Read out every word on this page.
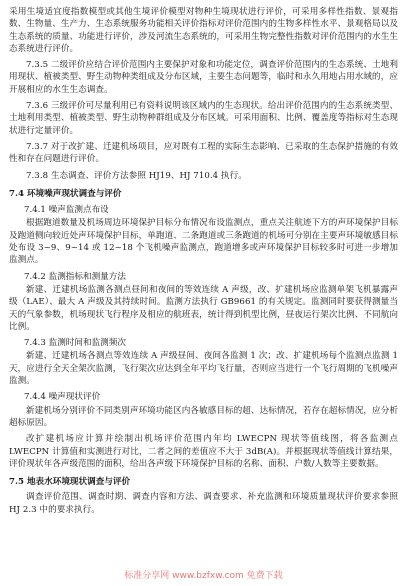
采用生境适宜度指数模型或其他生境评价模型对物种生境现状进行评价，可采用多样性指数、景观指数、生物量、生产力、生态系统服务功能相关评价指标对评价范围内的生物多样性水平、景观格局以及生态系统的质量、功能进行评价，涉及河流生态系统的，可采用生物完整性指数对评价范围内的水生生态系统进行评价。

7.3.5 二级评价应结合评价范围内主要保护对象和功能定位，调查评价范围内的生态系统、土地利用现状、植被类型、野生动物种类组成及分布区域，主要生态问题等，临时和永久用地占用水域的，应开展相应的水生生态调查。

7.3.6 三级评价可尽量利用已有资料说明该区域内的生态现状。给出评价范围内的生态系统类型、土地利用类型、植被类型、野生动物种群组成及分布区域。可采用面积、比例、覆盖度等指标对生态现状进行定量评价。

7.3.7 对于改扩建、迁建机场项目，应对既有工程的实际生态影响、已采取的生态保护措施的有效性和存在问题进行评价。

7.3.8 生态调查、评价方法参照 HJ19、HJ 710.4 执行。

7.4 环境噪声现状调查与评价
7.4.1 噪声监测点布设

根据跑道数量及机场周边环境保护目标分布情况布设监测点，重点关注航迹下方的声环境保护目标及跑道侧向较近处声环境保护目标，单跑道、二条跑道或三条跑道的机场可分别在主要声环境敏感目标处布设 3~9、9~14 或 12~18 个飞机噪声监测点，跑道增多或声环境保护目标较多时可进一步增加监测点。

7.4.2 监测指标和测量方法

新建、迁建机场监测各测点昼间和夜间的等效连续 A 声级，改、扩建机场应监测单架飞机暴露声级（LAE）、最大 A 声级及其持续时间。监测方法执行 GB9661 的有关规定。监测同时要获得测量当天的气象参数，机场现状飞行程序及相应的航班表，统计得到机型比例，昼夜运行架次比例、不同航向比例。

7.4.3 监测时间和监测频次

新建、迁建机场各测点等效连续 A 声级昼间、夜间各监测 1 次；改、扩建机场每个监测点监测 1 天，应进行全天全架次监测，飞行架次应达到全年平均飞行量，否则应当进行一个飞行周期的飞机噪声监测。

7.4.4 噪声现状评价

新建机场分别评价不同类别声环境功能区内各敏感目标的超、达标情况，若存在超标情况，应分析超标原因。

改扩建机场应计算并绘制出机场评价范围内年均 LWECPN 现状等值线图，将各监测点 LWECPN 计算值和实测进行对比，二者之间的差值应不大于 3dB(A)。并根据现状等值线计算结果，评价现状年各声级范围的面积，给出各声级下环境保护目标的名称、面积、户数/人数等主要数据。

7.5 地表水环境现状调查与评价

调查评价范围、调查时期、调查内容和方法、调查要求、补充监测和环境质量现状评价要求参照 HJ 2.3 中的要求执行。

标准分享网 www.bzfxw.com 免费下载
